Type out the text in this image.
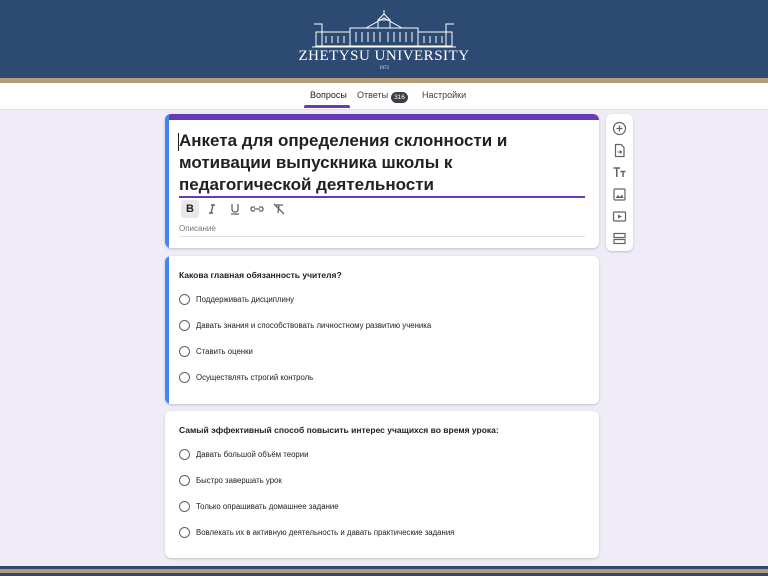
ZHETYSU UNIVERSITY
1972
Вопросы Ответы	Настройки
316
Анкета для определения склонности и мотивации выпускника школы к педагогической деятельности
B
Описание
Какова главная обязанность учителя?
Поддерживать дисциплину
Давать знания и способствовать личностному развитию ученика
Ставить оценки
Осуществлять строгий контроль
Самый эффективный способ повысить интерес учащихся во время урока:
Давать большой объём теории
Быстро завершать урок
Только опрашивать домашнее задание
Вовлекать их в активную деятельность и давать практические задания
